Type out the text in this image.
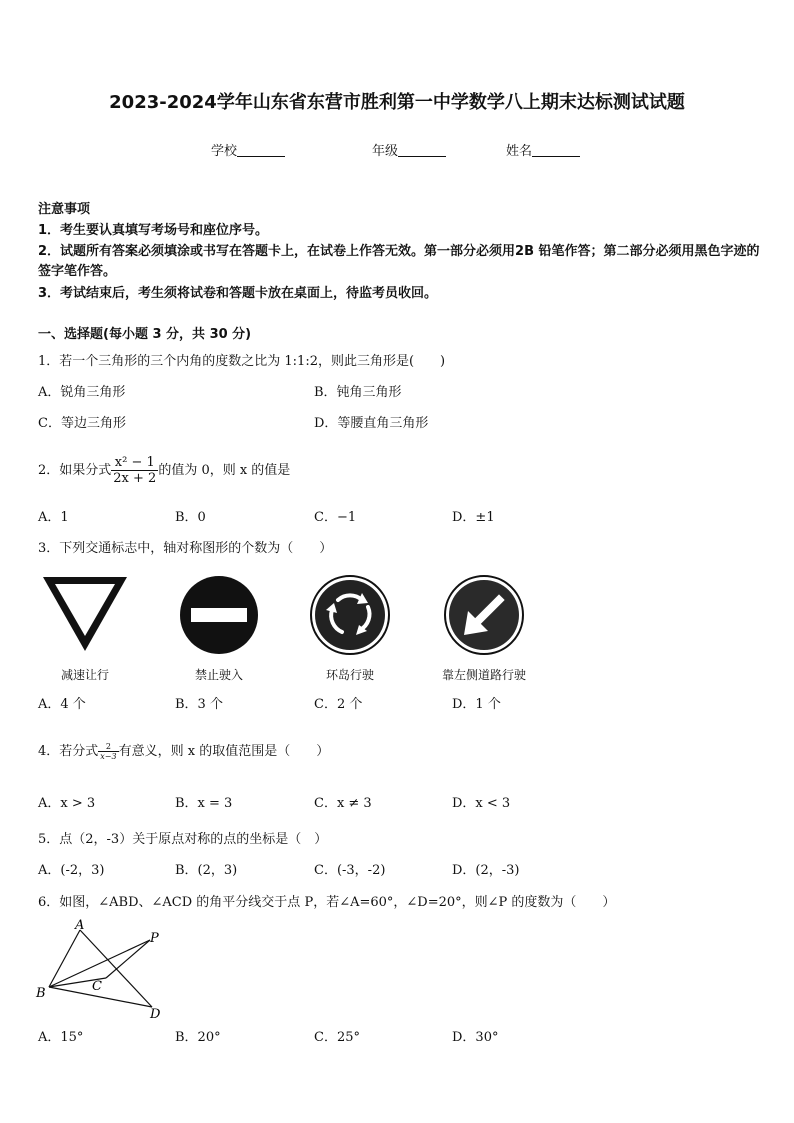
2023-2024学年山东省东营市胜利第一中学数学八上期末达标测试试题
学校	年级	姓名
注意事项
1．考生要认真填写考场号和座位序号。
2．试题所有答案必须填涂或书写在答题卡上，在试卷上作答无效。第一部分必须用2B 铅笔作答；第二部分必须用黑色字迹的签字笔作答。
3．考试结束后，考生须将试卷和答题卡放在桌面上，待监考员收回。
一、选择题(每小题 3 分，共 30 分)
1．若一个三角形的三个内角的度数之比为 1:1:2，则此三角形是(　　)
A．锐角三角形	B．钝角三角形
C．等边三角形	D．等腰直角三角形
2．如果分式 $\frac{\text{x² − 1}}{2x + 2}$ 的值为 0，则 x 的值是
A．1	B．0	C．−1	D．±1
3．下列交通标志中，轴对称图形的个数为（　　）
减速让行	禁止驶入	环岛行驶	靠左侧道路行驶
A．4 个	B．3 个	C．2 个	D．1 个
4．若分式 $\frac{2}{x-3}$ 有意义，则 x 的取值范围是（　　）
A．x > 3	B．x = 3	C．x ≠ 3	D．x < 3
5．点（2，-3）关于原点对称的点的坐标是（　）
A．(-2，3)	B．(2，3)	C．(-3，-2)	D．(2，-3)
6．如图，∠ABD、∠ACD 的角平分线交于点 P，若∠A=60°，∠D=20°，则∠P 的度数为（　　）
A
B	C
D
P
A．15°	B．20°	C．25°	D．30°
